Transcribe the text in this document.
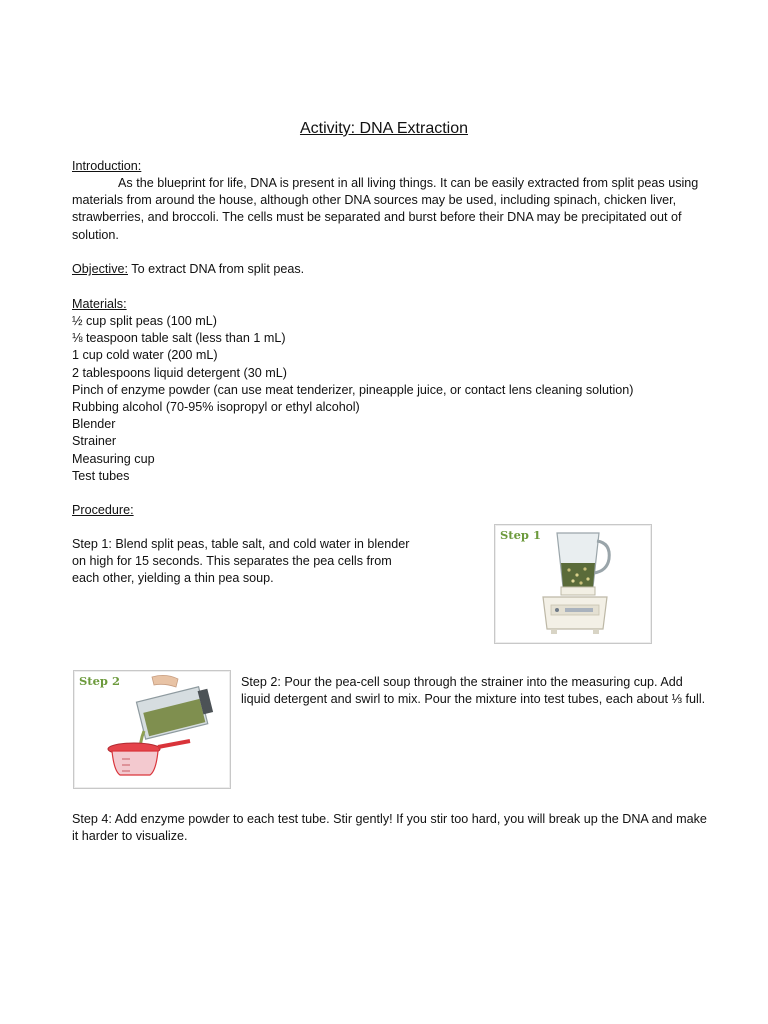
Activity: DNA Extraction
Introduction:
As the blueprint for life, DNA is present in all living things. It can be easily extracted from split peas using materials from around the house, although other DNA sources may be used, including spinach, chicken liver, strawberries, and broccoli. The cells must be separated and burst before their DNA may be precipitated out of solution.
Objective: To extract DNA from split peas.
Materials:
½ cup split peas (100 mL)
⅛ teaspoon table salt (less than 1 mL)
1 cup cold water (200 mL)
2 tablespoons liquid detergent (30 mL)
Pinch of enzyme powder (can use meat tenderizer, pineapple juice, or contact lens cleaning solution)
Rubbing alcohol (70-95% isopropyl or ethyl alcohol)
Blender
Strainer
Measuring cup
Test tubes
Procedure:
Step 1: Blend split peas, table salt, and cold water in blender on high for 15 seconds. This separates the pea cells from each other, yielding a thin pea soup.
Step 1
Step 2	Step 2: Pour the pea-cell soup through the strainer into the measuring cup. Add liquid detergent and swirl to mix. Pour the mixture into test tubes, each about ⅓ full.
Step 4: Add enzyme powder to each test tube. Stir gently! If you stir too hard, you will break up the DNA and make it harder to visualize.
